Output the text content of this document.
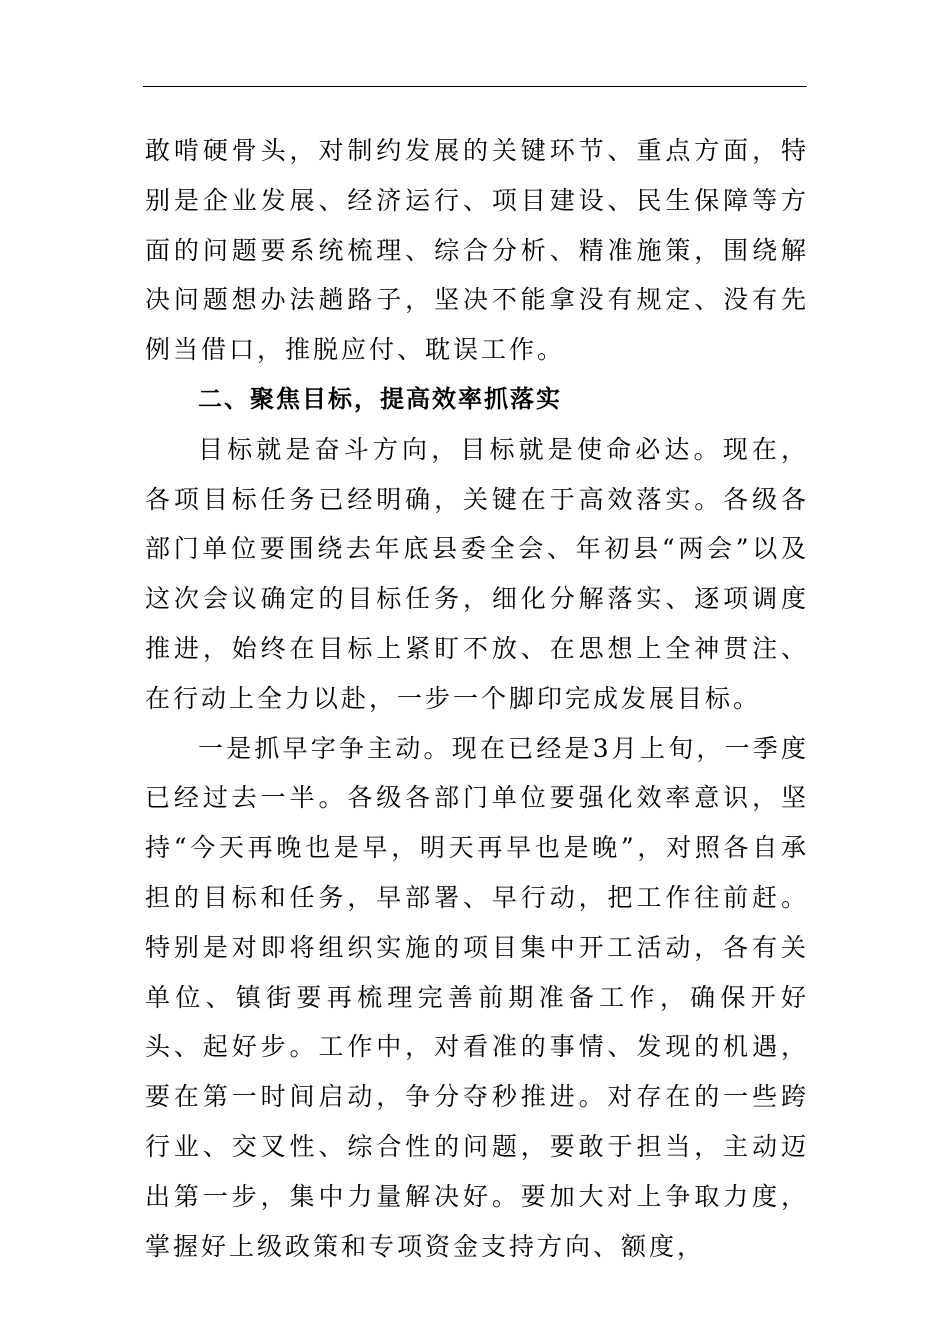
敢啃硬骨头，对制约发展的关键环节、重点方面，特别是企业发展、经济运行、项目建设、民生保障等方面的问题要系统梳理、综合分析、精准施策，围绕解决问题想办法趟路子，坚决不能拿没有规定、没有先例当借口，推脱应付、耽误工作。

二、聚焦目标，提高效率抓落实

目标就是奋斗方向，目标就是使命必达。现在，各项目标任务已经明确，关键在于高效落实。各级各部门单位要围绕去年底县委全会、年初县“两会”以及这次会议确定的目标任务，细化分解落实、逐项调度推进，始终在目标上紧盯不放、在思想上全神贯注、在行动上全力以赴，一步一个脚印完成发展目标。

一是抓早字争主动。现在已经是3月上旬，一季度已经过去一半。各级各部门单位要强化效率意识，坚持“今天再晚也是早，明天再早也是晚”，对照各自承担的目标和任务，早部署、早行动，把工作往前赶。特别是对即将组织实施的项目集中开工活动，各有关单位、镇街要再梳理完善前期准备工作，确保开好头、起好步。工作中，对看准的事情、发现的机遇，要在第一时间启动，争分夺秒推进。对存在的一些跨行业、交叉性、综合性的问题，要敢于担当，主动迈出第一步，集中力量解决好。要加大对上争取力度，掌握好上级政策和专项资金支持方向、额度，
